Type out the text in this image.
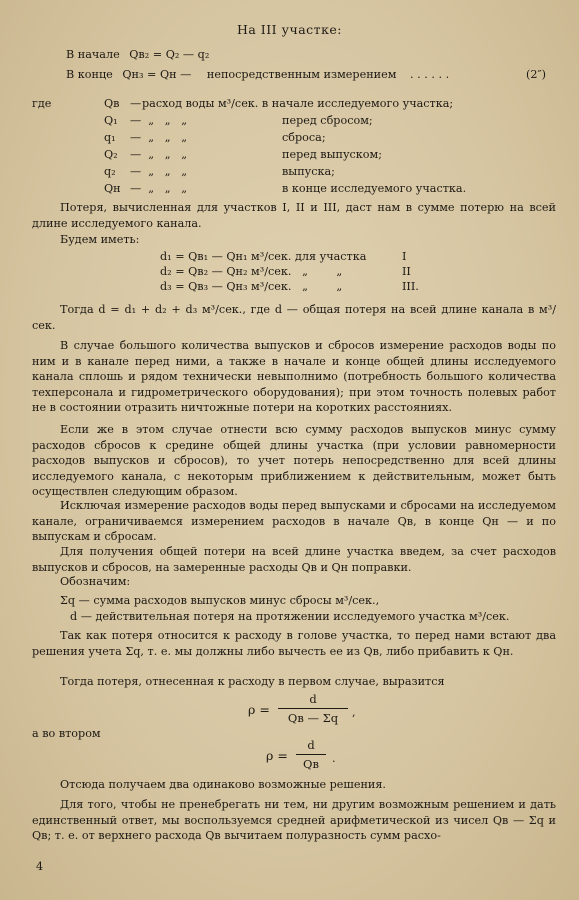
На III участке:
В начале Qв₂ = Q₂ — q₂
В конце Qн₃ = Qн — непосредственным измерением . . . . . .	(2″)
где	Qв —расход воды м³/сек. в начале исследуемого участка;
Q₁ —  „   „   „	перед сбросом;
q₁ —  „   „   „	сброса;
Q₂ —  „   „   „	перед выпуском;
q₂ —  „   „   „	выпуска;
Qн —  „   „   „	в конце исследуемого участка.
Потеря, вычисленная для участков I, II и III, даст нам в сумме потерю на всей длине исследуемого канала.
Будем иметь:
d₁ = Qв₁ — Qн₁ м³/сек. для участка	I
d₂ = Qв₂ — Qн₂ м³/сек.   „        „	II
d₃ = Qв₃ — Qн₃ м³/сек.   „        „	III.
Тогда d = d₁ + d₂ + d₃ м³/сек., где d — общая потеря на всей длине канала в м³/сек.
В случае большого количества выпусков и сбросов измерение расходов воды по ним и в канале перед ними, а также в начале и конце общей длины исследуемого канала сплошь и рядом технически невыполнимо (потребность большого количества техперсонала и гидрометрического оборудования); при этом точность полевых работ не в состоянии отразить ничтожные потери на коротких расстояниях.
Если же в этом случае отнести всю сумму расходов выпусков минус сумму расходов сбросов к средине общей длины участка (при условии равномерности расходов выпусков и сбросов), то учет потерь непосредственно для всей длины исследуемого канала, с некоторым приближением к действительным, может быть осуществлен следующим образом.
Исключая измерение расходов воды перед выпусками и сбросами на исследуемом канале, ограничиваемся измерением расходов в начале Qв, в конце Qн — и по выпускам и сбросам.
Для получения общей потери на всей длине участка введем, за счет расходов выпусков и сбросов, на замеренные расходы Qв и Qн поправки.
Обозначим:
Σq — сумма расходов выпусков минус сбросы м³/сек.,
d — действительная потеря на протяжении исследуемого участка м³/сек.
Так как потеря относится к расходу в голове участка, то перед нами встают два решения учета Σq, т. е. мы должны либо вычесть ее из Qв, либо прибавить к Qн.
Тогда потеря, отнесенная к расходу в первом случае, выразится
ρ =
d
Qв — Σq	,
а во втором
ρ =
d
Qв	.
Отсюда получаем два одинаково возможные решения.
Для того, чтобы не пренебрегать ни тем, ни другим возможным решением и дать единственный ответ, мы воспользуемся средней арифметической из чисел Qв — Σq и Qв; т. е. от верхнего расхода Qв вычитаем полуразность сумм расхо-
4
